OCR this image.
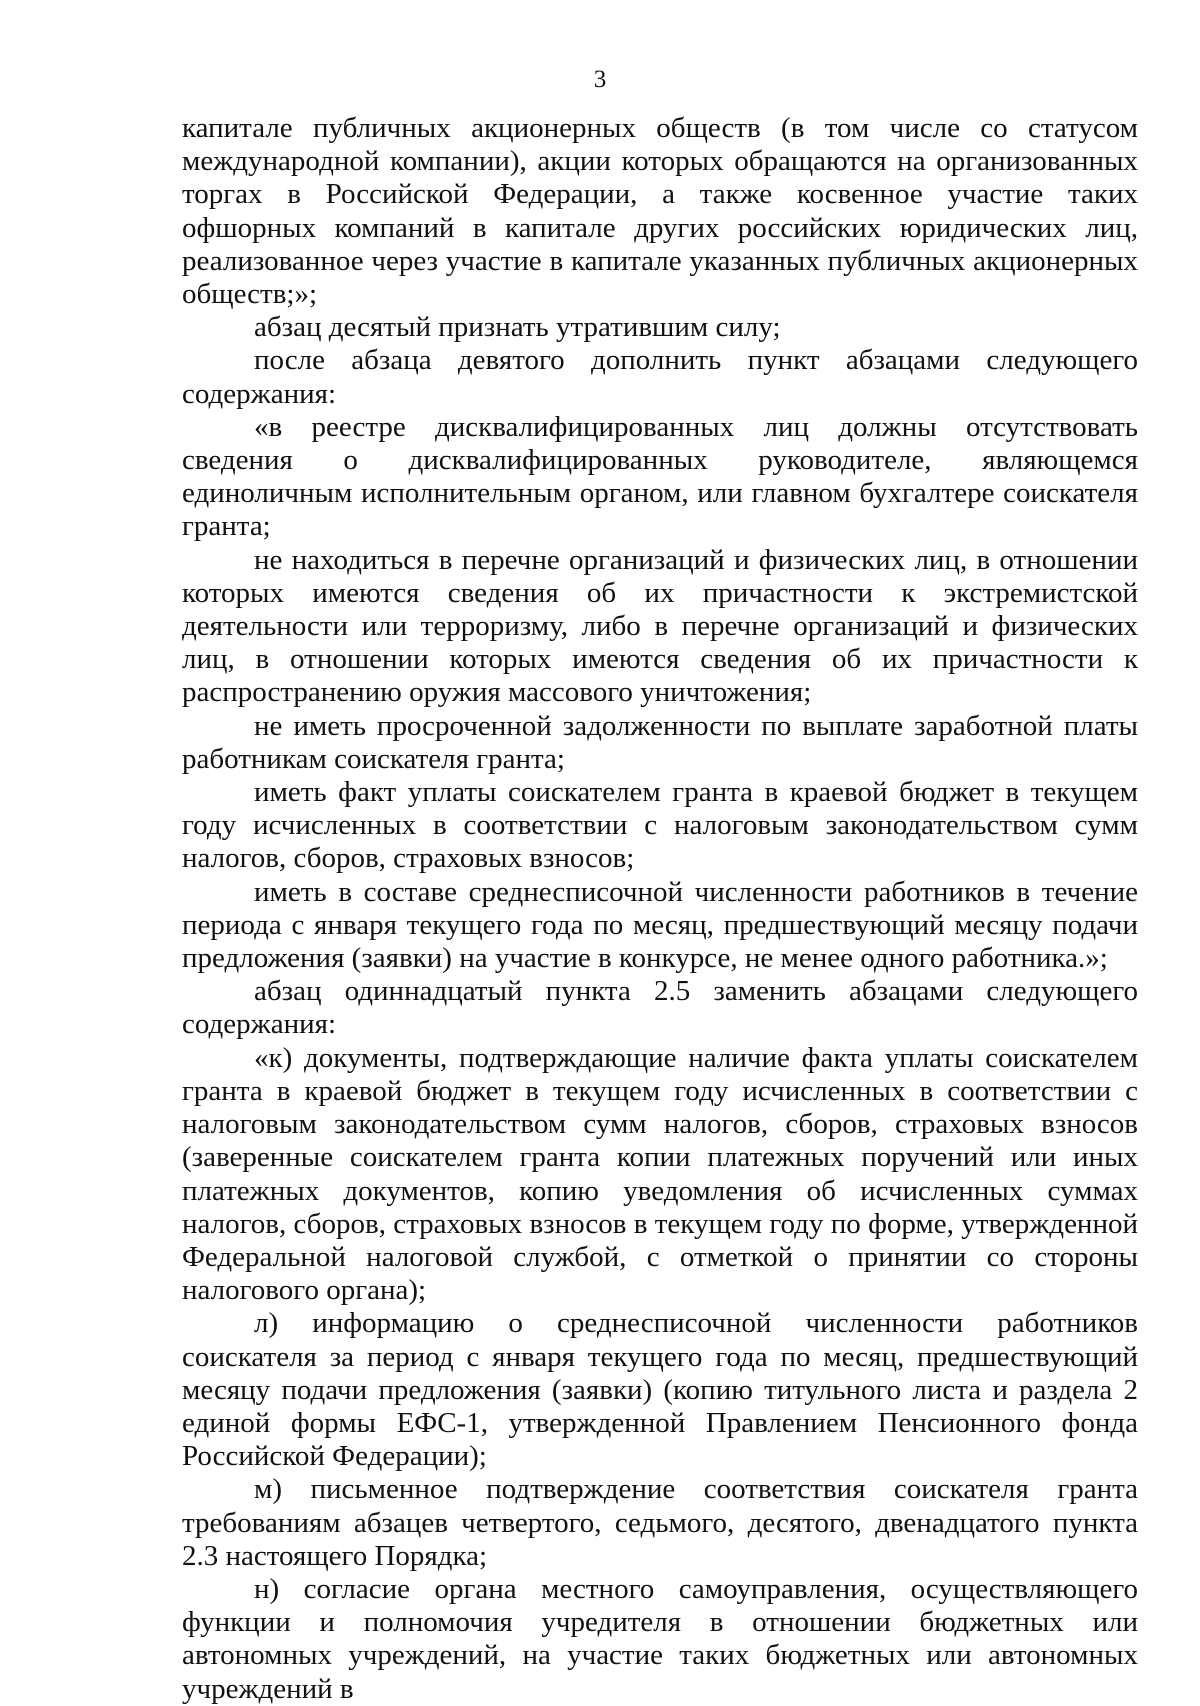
3

капитале публичных акционерных обществ (в том числе со статусом международной компании), акции которых обращаются на организованных торгах в Российской Федерации, а также косвенное участие таких офшорных компаний в капитале других российских юридических лиц, реализованное через участие в капитале указанных публичных акционерных обществ;»;

абзац десятый признать утратившим силу;

после абзаца девятого дополнить пункт абзацами следующего содержания:

«в реестре дисквалифицированных лиц должны отсутствовать сведения о дисквалифицированных руководителе, являющемся единоличным исполнительным органом, или главном бухгалтере соискателя гранта;

не находиться в перечне организаций и физических лиц, в отношении которых имеются сведения об их причастности к экстремистской деятельности или терроризму, либо в перечне организаций и физических лиц, в отношении которых имеются сведения об их причастности к распространению оружия массового уничтожения;

не иметь просроченной задолженности по выплате заработной платы работникам соискателя гранта;

иметь факт уплаты соискателем гранта в краевой бюджет в текущем году исчисленных в соответствии с налоговым законодательством сумм налогов, сборов, страховых взносов;

иметь в составе среднесписочной численности работников в течение периода с января текущего года по месяц, предшествующий месяцу подачи предложения (заявки) на участие в конкурсе, не менее одного работника.»;

абзац одиннадцатый пункта 2.5 заменить абзацами следующего содержания:

«к) документы, подтверждающие наличие факта уплаты соискателем гранта в краевой бюджет в текущем году исчисленных в соответствии с налоговым законодательством сумм налогов, сборов, страховых взносов (заверенные соискателем гранта копии платежных поручений или иных платежных документов, копию уведомления об исчисленных суммах налогов, сборов, страховых взносов в текущем году по форме, утвержденной Федеральной налоговой службой, с отметкой о принятии со стороны налогового органа);

л) информацию о среднесписочной численности работников соискателя за период с января текущего года по месяц, предшествующий месяцу подачи предложения (заявки) (копию титульного листа и раздела 2 единой формы ЕФС-1, утвержденной Правлением Пенсионного фонда Российской Федерации);

м) письменное подтверждение соответствия соискателя гранта требованиям абзацев четвертого, седьмого, десятого, двенадцатого пункта 2.3 настоящего Порядка;

н) согласие органа местного самоуправления, осуществляющего функции и полномочия учредителя в отношении бюджетных или автономных учреждений, на участие таких бюджетных или автономных учреждений в
